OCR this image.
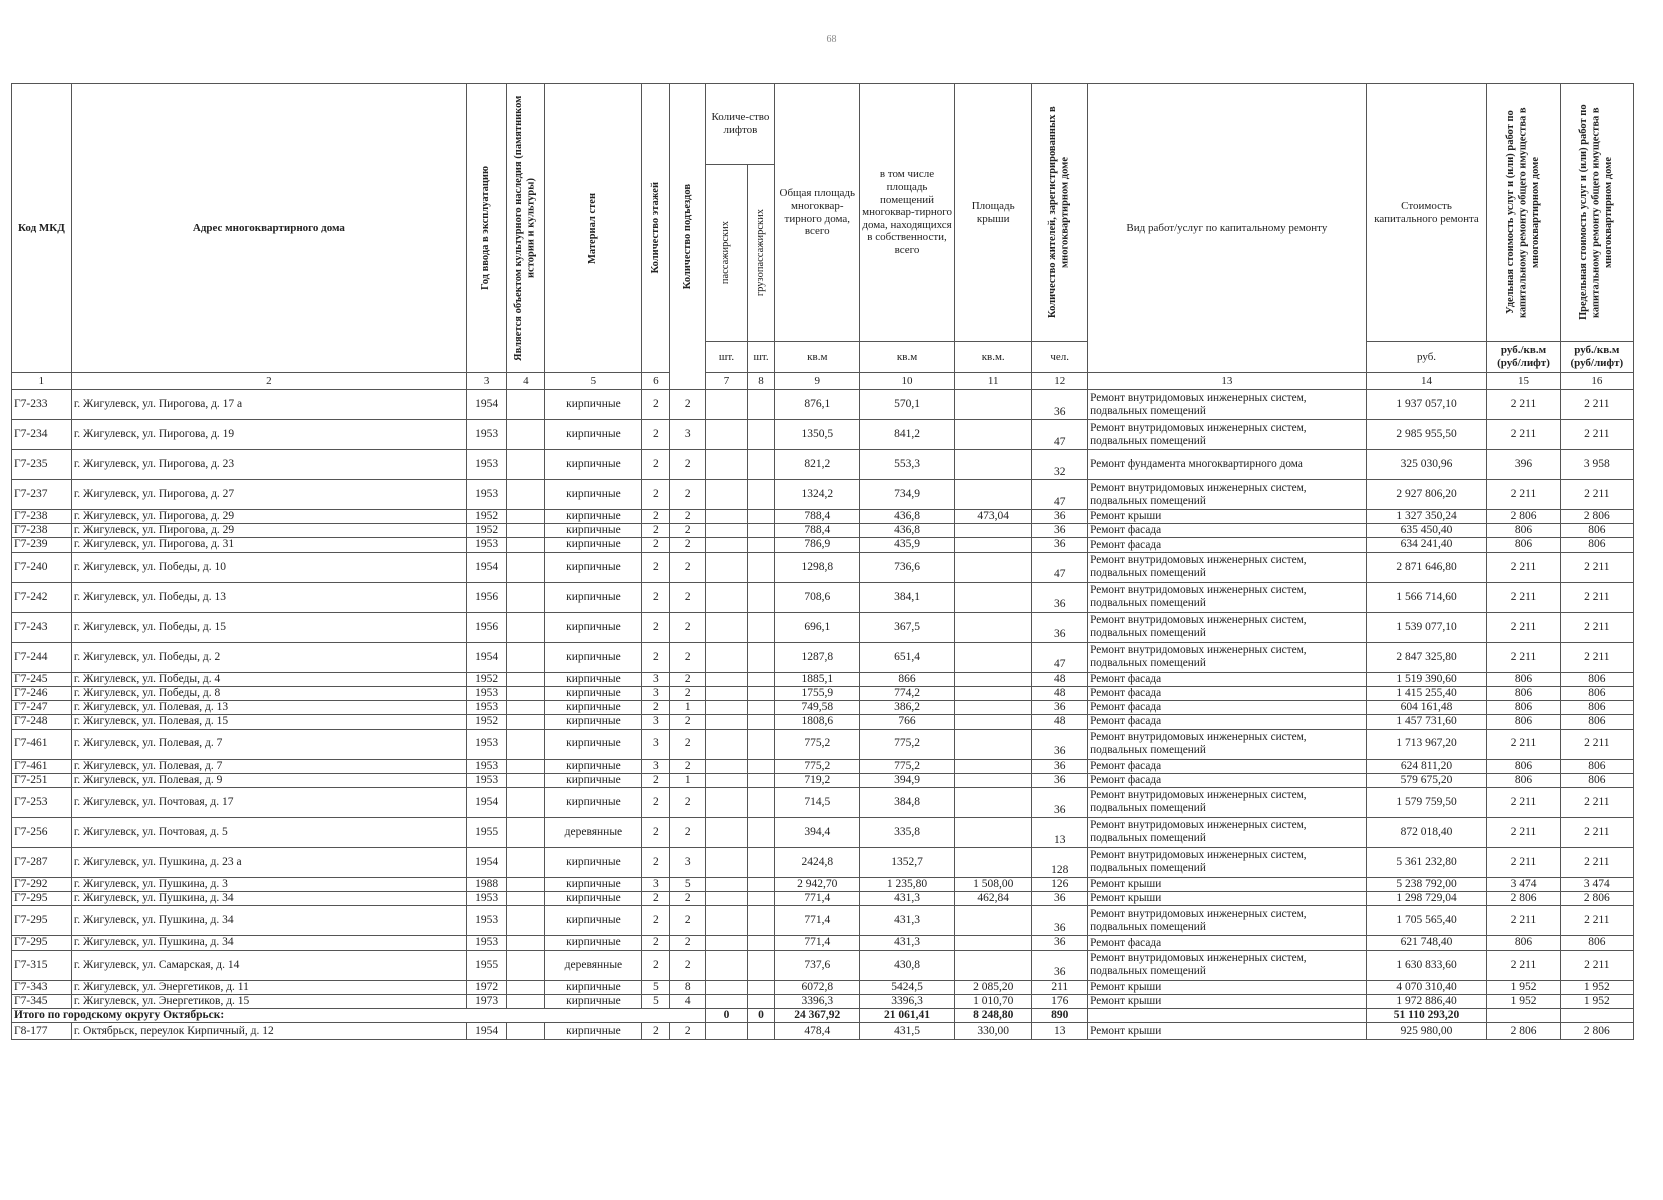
68
Код МКД	Адрес многоквартирного дома	Год ввода в эксплуатацию	Является объектом культурного наследия (памятником истории и культуры)	Материал стен	Количество этажей	Количество подъездов	Количе-ство лифтов		Общая площадь многоквар-тирного дома, всего	в том числе площадь помещений многоквар-тирного дома, находящихся в собственности, всего	Площадь крыши	Количество жителей, зарегистрированных в многоквартирном доме	Вид работ/услуг по капитальному ремонту	Стоимость капитального ремонта	Удельная стоимость услуг и (или) работ по капитальному ремонту общего имущества в многоквартирном доме	Предельная стоимость услуг и (или) работ по капитальному ремонту общего имущества в многоквартирном доме

							пассажирских	грузопассажирских								

							шт.	шт.	кв.м	кв.м	кв.м.	чел.		руб.	руб./кв.м (руб/лифт)	руб./кв.м (руб/лифт)
1	2	3	4	5	6		7	8	9	10	11	12	13	14	15	16
Г7-233	г. Жигулевск, ул. Пирогова, д. 17 а	1954		кирпичные	2	2			876,1	570,1		36	Ремонт внутридомовых инженерных систем, подвальных помещений	1 937 057,10	2 211	2 211
Г7-234	г. Жигулевск, ул. Пирогова, д. 19	1953		кирпичные	2	3			1350,5	841,2		47	Ремонт внутридомовых инженерных систем, подвальных помещений	2 985 955,50	2 211	2 211
Г7-235	г. Жигулевск, ул. Пирогова, д. 23	1953		кирпичные	2	2			821,2	553,3		32	Ремонт фундамента многоквартирного дома	325 030,96	396	3 958
Г7-237	г. Жигулевск, ул. Пирогова, д. 27	1953		кирпичные	2	2			1324,2	734,9		47	Ремонт внутридомовых инженерных систем, подвальных помещений	2 927 806,20	2 211	2 211
Г7-238	г. Жигулевск, ул. Пирогова, д. 29	1952		кирпичные	2	2			788,4	436,8	473,04	36	Ремонт крыши	1 327 350,24	2 806	2 806
Г7-238	г. Жигулевск, ул. Пирогова, д. 29	1952		кирпичные	2	2			788,4	436,8		36	Ремонт фасада	635 450,40	806	806
Г7-239	г. Жигулевск, ул. Пирогова, д. 31	1953		кирпичные	2	2			786,9	435,9		36	Ремонт фасада	634 241,40	806	806
Г7-240	г. Жигулевск, ул. Победы, д. 10	1954		кирпичные	2	2			1298,8	736,6		47	Ремонт внутридомовых инженерных систем, подвальных помещений	2 871 646,80	2 211	2 211
Г7-242	г. Жигулевск, ул. Победы, д. 13	1956		кирпичные	2	2			708,6	384,1		36	Ремонт внутридомовых инженерных систем, подвальных помещений	1 566 714,60	2 211	2 211
Г7-243	г. Жигулевск, ул. Победы, д. 15	1956		кирпичные	2	2			696,1	367,5		36	Ремонт внутридомовых инженерных систем, подвальных помещений	1 539 077,10	2 211	2 211
Г7-244	г. Жигулевск, ул. Победы, д. 2	1954		кирпичные	2	2			1287,8	651,4		47	Ремонт внутридомовых инженерных систем, подвальных помещений	2 847 325,80	2 211	2 211
Г7-245	г. Жигулевск, ул. Победы, д. 4	1952		кирпичные	3	2			1885,1	866		48	Ремонт фасада	1 519 390,60	806	806
Г7-246	г. Жигулевск, ул. Победы, д. 8	1953		кирпичные	3	2			1755,9	774,2		48	Ремонт фасада	1 415 255,40	806	806
Г7-247	г. Жигулевск, ул. Полевая, д. 13	1953		кирпичные	2	1			749,58	386,2		36	Ремонт фасада	604 161,48	806	806
Г7-248	г. Жигулевск, ул. Полевая, д. 15	1952		кирпичные	3	2			1808,6	766		48	Ремонт фасада	1 457 731,60	806	806
Г7-461	г. Жигулевск, ул. Полевая, д. 7	1953		кирпичные	3	2			775,2	775,2		36	Ремонт внутридомовых инженерных систем, подвальных помещений	1 713 967,20	2 211	2 211
Г7-461	г. Жигулевск, ул. Полевая, д. 7	1953		кирпичные	3	2			775,2	775,2		36	Ремонт фасада	624 811,20	806	806
Г7-251	г. Жигулевск, ул. Полевая, д. 9	1953		кирпичные	2	1			719,2	394,9		36	Ремонт фасада	579 675,20	806	806
Г7-253	г. Жигулевск, ул. Почтовая, д. 17	1954		кирпичные	2	2			714,5	384,8		36	Ремонт внутридомовых инженерных систем, подвальных помещений	1 579 759,50	2 211	2 211
Г7-256	г. Жигулевск, ул. Почтовая, д. 5	1955		деревянные	2	2			394,4	335,8		13	Ремонт внутридомовых инженерных систем, подвальных помещений	872 018,40	2 211	2 211
Г7-287	г. Жигулевск, ул. Пушкина, д. 23 а	1954		кирпичные	2	3			2424,8	1352,7		128	Ремонт внутридомовых инженерных систем, подвальных помещений	5 361 232,80	2 211	2 211
Г7-292	г. Жигулевск, ул. Пушкина, д. 3	1988		кирпичные	3	5			2 942,70	1 235,80	1 508,00	126	Ремонт крыши	5 238 792,00	3 474	3 474
Г7-295	г. Жигулевск, ул. Пушкина, д. 34	1953		кирпичные	2	2			771,4	431,3	462,84	36	Ремонт крыши	1 298 729,04	2 806	2 806
Г7-295	г. Жигулевск, ул. Пушкина, д. 34	1953		кирпичные	2	2			771,4	431,3		36	Ремонт внутридомовых инженерных систем, подвальных помещений	1 705 565,40	2 211	2 211
Г7-295	г. Жигулевск, ул. Пушкина, д. 34	1953		кирпичные	2	2			771,4	431,3		36	Ремонт фасада	621 748,40	806	806
Г7-315	г. Жигулевск, ул. Самарская, д. 14	1955		деревянные	2	2			737,6	430,8		36	Ремонт внутридомовых инженерных систем, подвальных помещений	1 630 833,60	2 211	2 211
Г7-343	г. Жигулевск, ул. Энергетиков, д. 11	1972		кирпичные	5	8			6072,8	5424,5	2 085,20	211	Ремонт крыши	4 070 310,40	1 952	1 952
Г7-345	г. Жигулевск, ул. Энергетиков, д. 15	1973		кирпичные	5	4			3396,3	3396,3	1 010,70	176	Ремонт крыши	1 972 886,40	1 952	1 952
Итого по городскому округу Октябрьск:							0	0	24 367,92	21 061,41	8 248,80	890		51 110 293,20		
Г8-177	г. Октябрьск, переулок Кирпичный, д. 12	1954		кирпичные	2	2			478,4	431,5	330,00	13	Ремонт крыши	925 980,00	2 806	2 806
